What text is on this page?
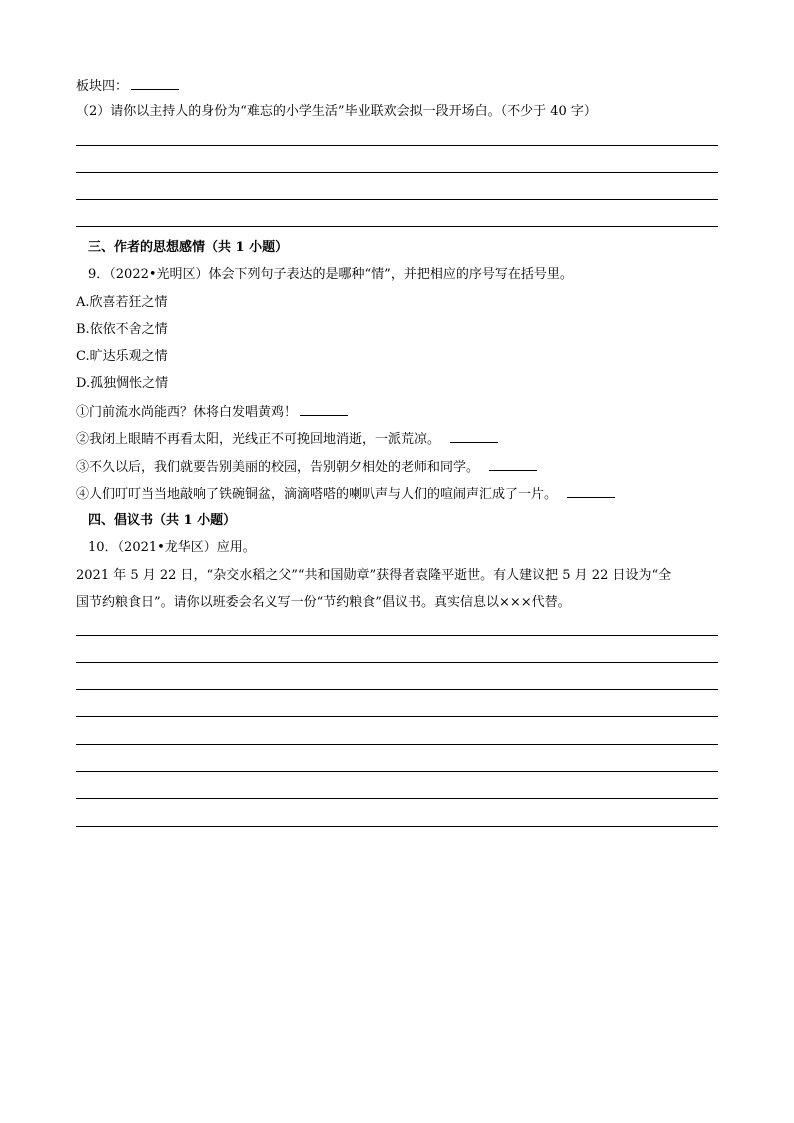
板块四：
（2）请你以主持人的身份为“难忘的小学生活”毕业联欢会拟一段开场白。（不少于 40 字）
三、作者的思想感情（共 1 小题）
9．（2022•光明区）体会下列句子表达的是哪种“情”，并把相应的序号写在括号里。
A.欣喜若狂之情
B.依依不舍之情
C.旷达乐观之情
D.孤独惆怅之情
①门前流水尚能西？休将白发唱黄鸡！
②我闭上眼睛不再看太阳，光线正不可挽回地消逝，一派荒凉。
③不久以后，我们就要告别美丽的校园，告别朝夕相处的老师和同学。
④人们叮叮当当地敲响了铁碗铜盆，滴滴嗒嗒的喇叭声与人们的喧闹声汇成了一片。
四、倡议书（共 1 小题）
10．（2021•龙华区）应用。
2021 年 5 月 22 日，“杂交水稻之父”“共和国勋章”获得者袁隆平逝世。有人建议把 5 月 22 日设为“全
国节约粮食日”。请你以班委会名义写一份“节约粮食”倡议书。真实信息以×××代替。
